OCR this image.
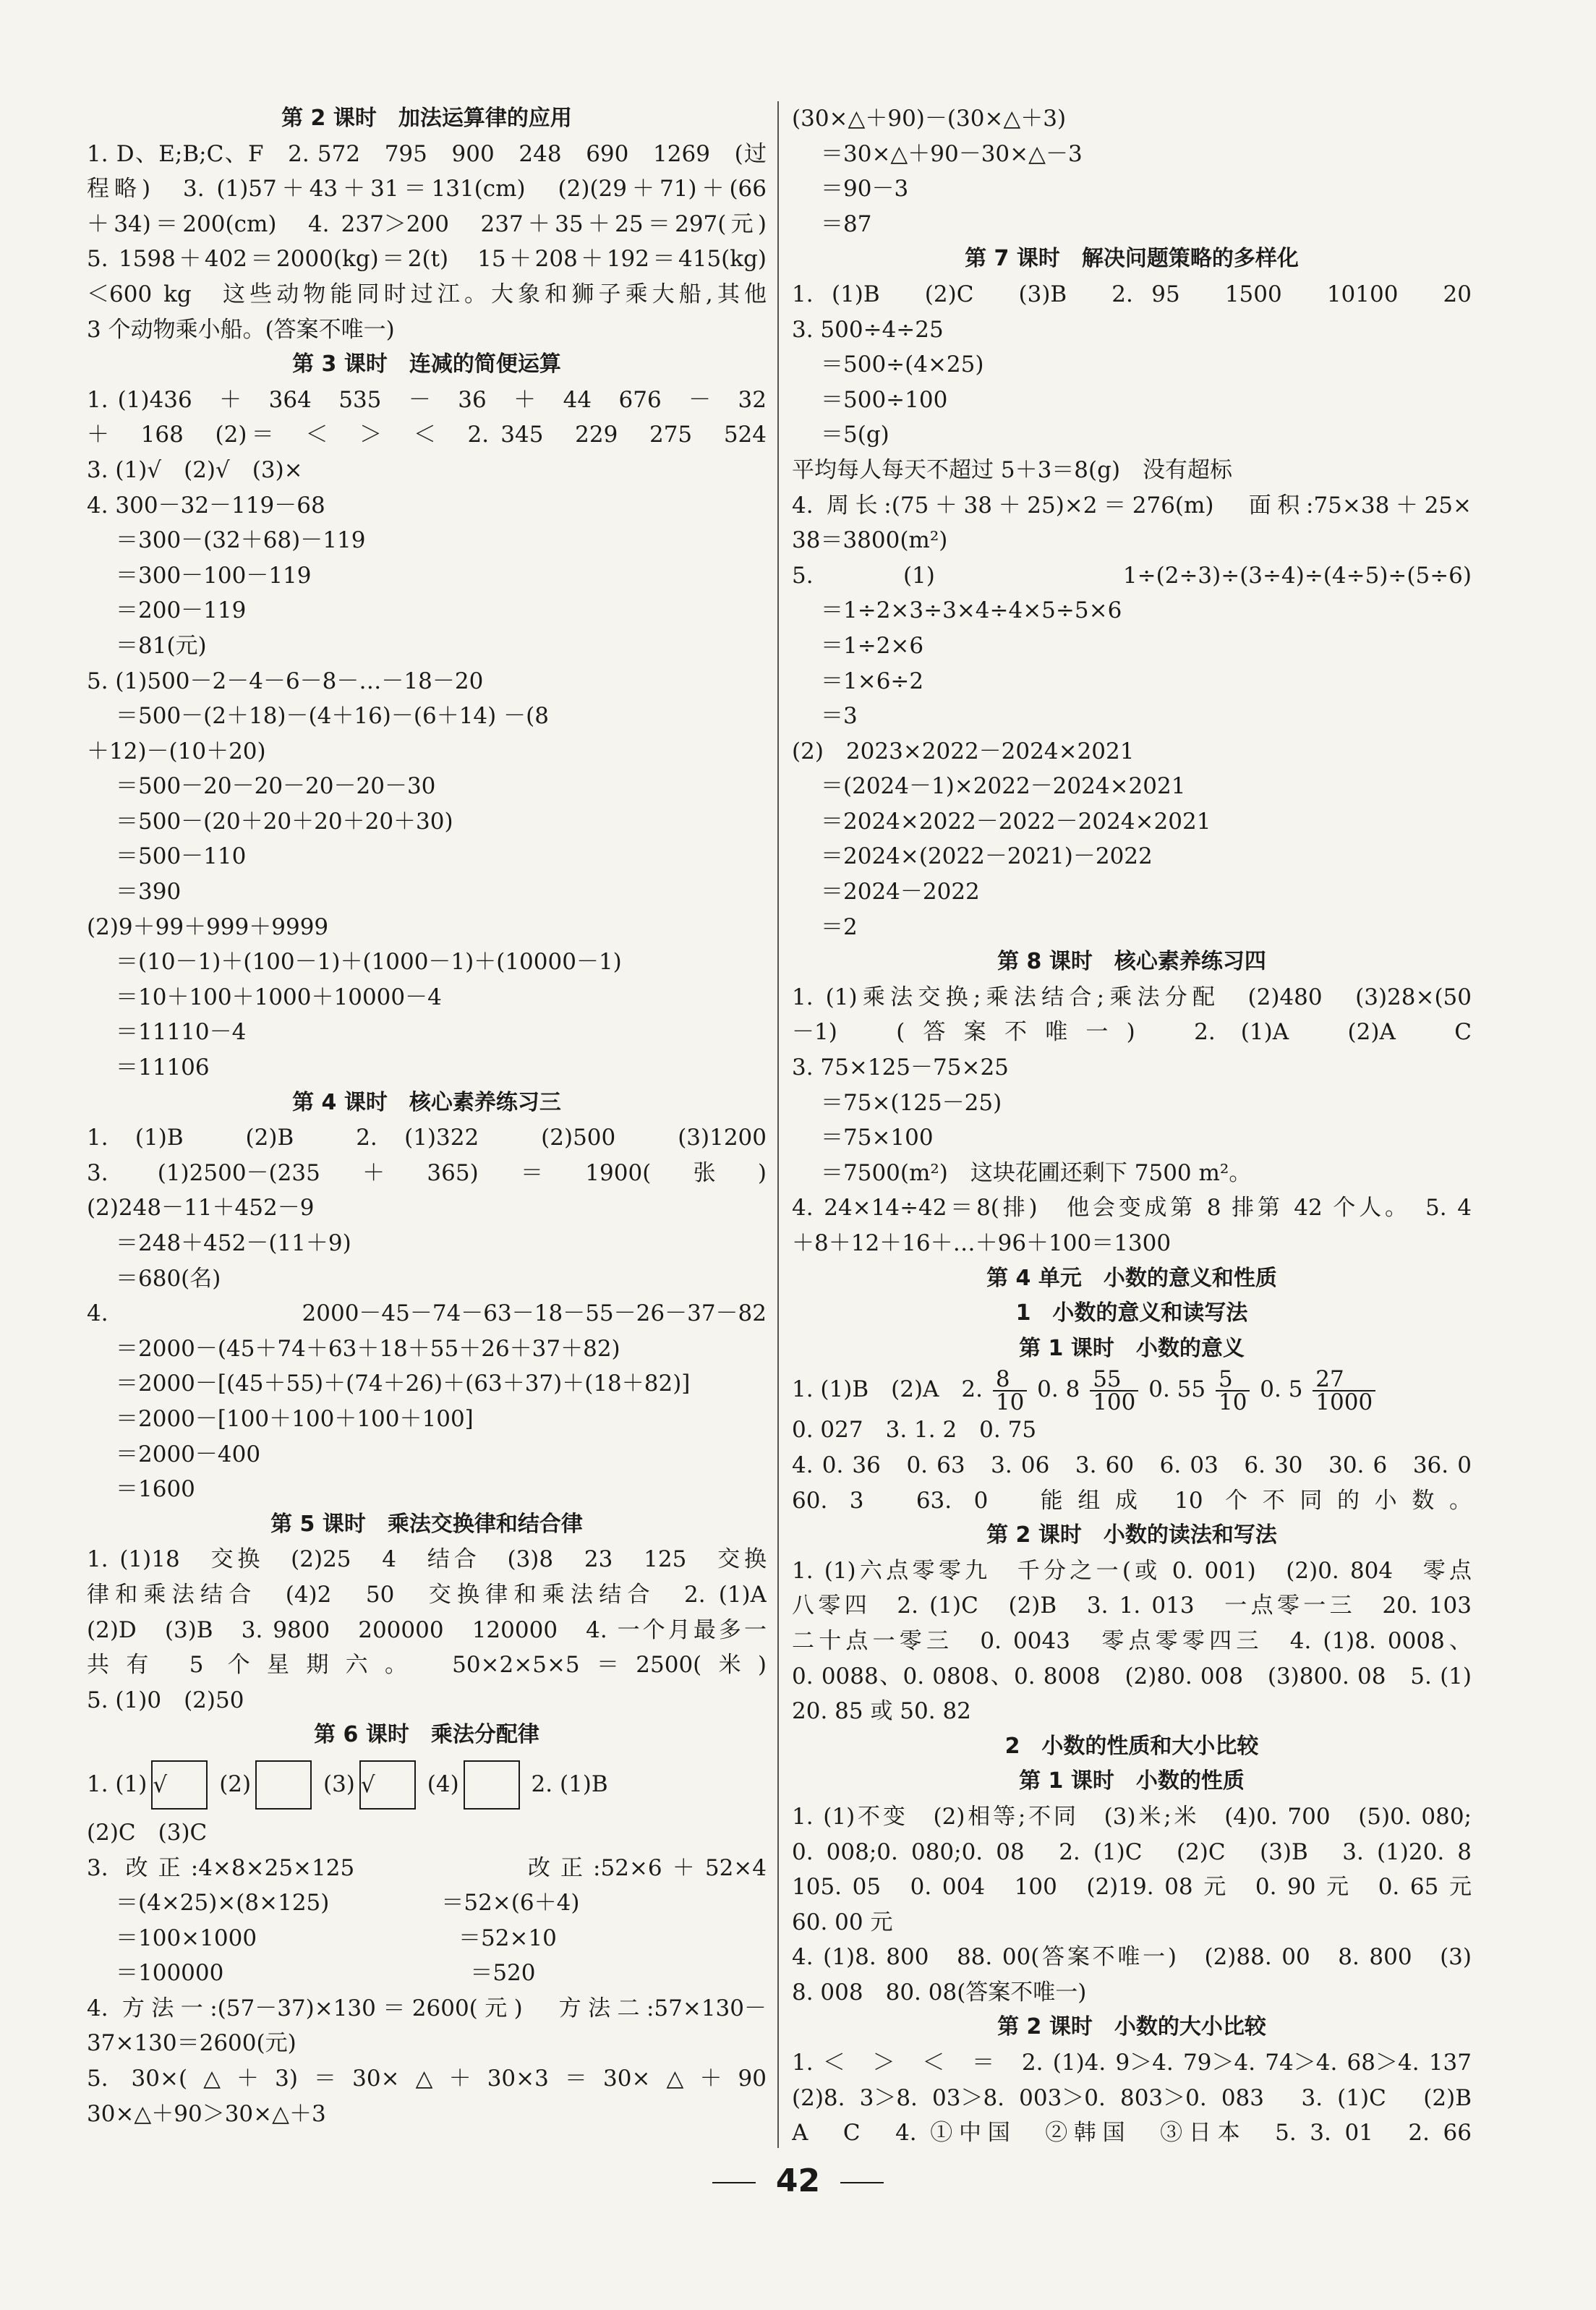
第 2 课时　加法运算律的应用
1. D、E;B;C、F　2. 572　795　900　248　690　1269　(过
程略)　3. (1)57＋43＋31＝131(cm)　(2)(29＋71)＋(66
＋34)＝200(cm)　4. 237＞200　237＋35＋25＝297(元)
5. 1598＋402＝2000(kg)＝2(t)　15＋208＋192＝415(kg)
＜600 kg　这些动物能同时过江。大象和狮子乘大船,其他
3 个动物乘小船。(答案不唯一)
第 3 课时　连减的简便运算
1. (1)436　＋　364　535　－　36　＋　44　676　－　32
＋　168　(2)＝　＜　＞　＜　2. 345　229　275　524
3. (1)√　(2)√　(3)×
4. 300－32－119－68
＝300－(32＋68)－119
＝300－100－119
＝200－119
＝81(元)
5. (1)500－2－4－6－8－…－18－20
＝500－(2＋18)－(4＋16)－(6＋14) －(8
＋12)－(10＋20)
＝500－20－20－20－20－30
＝500－(20＋20＋20＋20＋30)
＝500－110
＝390
(2)9＋99＋999＋9999
＝(10－1)＋(100－1)＋(1000－1)＋(10000－1)
＝10＋100＋1000＋10000－4
＝11110－4
＝11106
第 4 课时　核心素养练习三
1. (1)B　(2)B　2. (1)322　(2)500　(3)1200
3. (1)2500－(235＋365)＝1900(张)
(2)248－11＋452－9
＝248＋452－(11＋9)
＝680(名)
4. 2000－45－74－63－18－55－26－37－82
＝2000－(45＋74＋63＋18＋55＋26＋37＋82)
＝2000－[(45＋55)＋(74＋26)＋(63＋37)＋(18＋82)]
＝2000－[100＋100＋100＋100]
＝2000－400
＝1600
第 5 课时　乘法交换律和结合律
1. (1)18　交换　(2)25　4　结合　(3)8　23　125　交换
律和乘法结合　(4)2　50　交换律和乘法结合　2. (1)A
(2)D　(3)B　3. 9800　200000　120000　4. 一个月最多一
共有 5 个星期六。　50×2×5×5＝2500(米)
5. (1)0　(2)50
第 6 课时　乘法分配律
1. (1) √ (2)	(3) √ (4)	2. (1)B
(2)C　(3)C
3. 改正:4×8×25×125　　　　　改正:52×6＋52×4
＝(4×25)×(8×125)　　　　　＝52×(6＋4)
＝100×1000　　　　　　　　　＝52×10
＝100000　　　　　　　　　　　＝520
4. 方法一:(57－37)×130＝2600(元)　方法二:57×130－
37×130＝2600(元)
5. 30×(△＋3)＝30×△＋30×3＝30×△＋90
30×△＋90＞30×△＋3
(30×△＋90)－(30×△＋3)
＝30×△＋90－30×△－3
＝90－3
＝87
第 7 课时　解决问题策略的多样化
1. (1)B　(2)C　(3)B　2. 95　1500　10100　20
3. 500÷4÷25
＝500÷(4×25)
＝500÷100
＝5(g)
平均每人每天不超过 5＋3＝8(g)　没有超标
4. 周长:(75＋38＋25)×2＝276(m)　面积:75×38＋25×
38＝3800(m²)
5. (1)　1÷(2÷3)÷(3÷4)÷(4÷5)÷(5÷6)
＝1÷2×3÷3×4÷4×5÷5×6
＝1÷2×6
＝1×6÷2
＝3
(2)　2023×2022－2024×2021
＝(2024－1)×2022－2024×2021
＝2024×2022－2022－2024×2021
＝2024×(2022－2021)－2022
＝2024－2022
＝2
第 8 课时　核心素养练习四
1. (1)乘法交换;乘法结合;乘法分配　(2)480　(3)28×(50
－1)　(答案不唯一)　2. (1)A　(2)A　C
3. 75×125－75×25
＝75×(125－25)
＝75×100
＝7500(m²)　这块花圃还剩下 7500 m²。
4. 24×14÷42＝8(排)　他会变成第 8 排第 42 个人。　5. 4
＋8＋12＋16＋…＋96＋100＝1300
第 4 单元　小数的意义和性质
1　小数的意义和读写法
第 1 课时　小数的意义
1. (1)B　(2)A　2. $\frac{8}{10} 0$. $8 \frac{55}{100} 0$. $55 \frac{5}{10} 0$. $5 \frac{27}{1000}$
0. 027　3. 1. 2　0. 75
4. 0. 36　0. 63　3. 06　3. 60　6. 03　6. 30　30. 6　36. 0
60. 3　63. 0　能组成 10 个不同的小数。
第 2 课时　小数的读法和写法
1. (1)六点零零九　千分之一(或 0. 001)　(2)0. 804　零点
八零四　2. (1)C　(2)B　3. 1. 013　一点零一三　20. 103
二十点一零三　0. 0043　零点零零四三　4. (1)8. 0008、
0. 0088、0. 0808、0. 8008　(2)80. 008　(3)800. 08　5. (1)
20. 85 或 50. 82
2　小数的性质和大小比较
第 1 课时　小数的性质
1. (1)不变　(2)相等;不同　(3)米;米　(4)0. 700　(5)0. 080;
0. 008;0. 080;0. 08　2. (1)C　(2)C　(3)B　3. (1)20. 8
105. 05　0. 004　100　(2)19. 08 元　0. 90 元　0. 65 元
60. 00 元
4. (1)8. 800　88. 00(答案不唯一)　(2)88. 00　8. 800　(3)
8. 008　80. 08(答案不唯一)
第 2 课时　小数的大小比较
1. ＜　＞　＜　＝　2. (1)4. 9＞4. 79＞4. 74＞4. 68＞4. 137
(2)8. 3＞8. 03＞8. 003＞0. 803＞0. 083　3. (1)C　(2)B
A　C　4. ①中国　②韩国　③日本　5. 3. 01　2. 66
42
